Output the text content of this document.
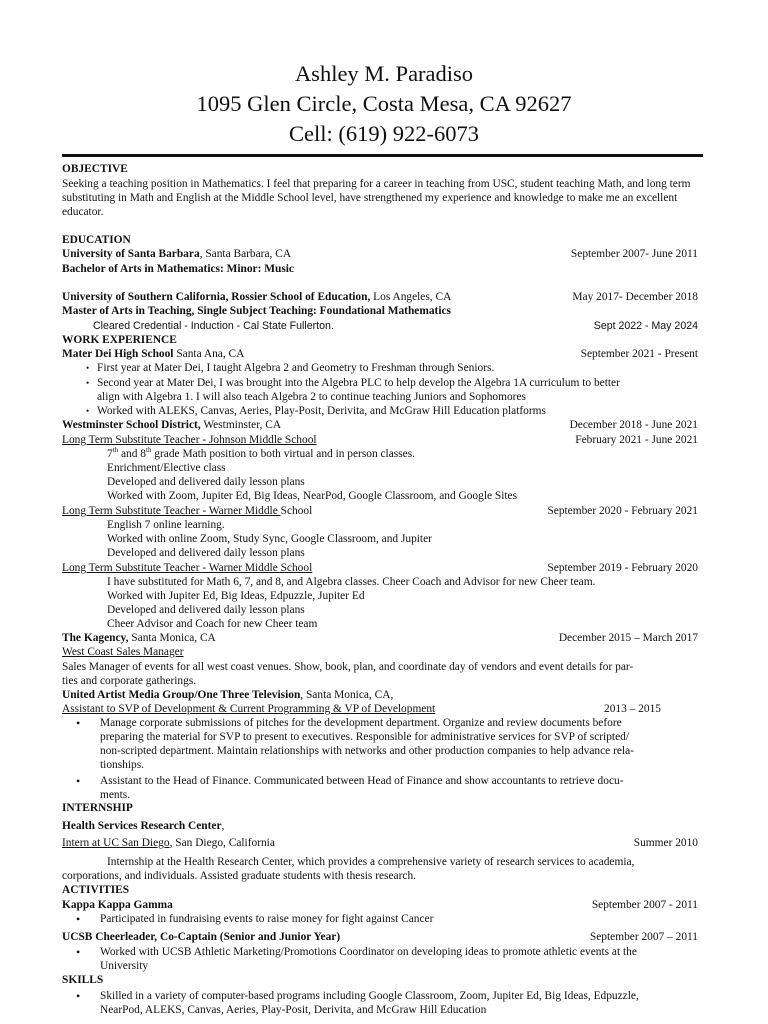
Ashley M. Paradiso
1095 Glen Circle, Costa Mesa, CA 92627
Cell: (619) 922-6073
OBJECTIVE
Seeking a teaching position in Mathematics. I feel that preparing for a career in teaching from USC, student teaching Math, and long term substituting in Math and English at the Middle School level, have strengthened my experience and knowledge to make me an excellent educator.
EDUCATION
University of Santa Barbara, Santa Barbara, CA	September 2007- June 2011
Bachelor of Arts in Mathematics: Minor: Music
University of Southern California, Rossier School of Education, Los Angeles, CA	May 2017- December 2018
Master of Arts in Teaching, Single Subject Teaching: Foundational Mathematics
Cleared Credential - Induction - Cal State Fullerton.	Sept 2022 - May 2024
WORK EXPERIENCE
Mater Dei High School Santa Ana, CA	September 2021 - Present
• First year at Mater Dei, I taught Algebra 2 and Geometry to Freshman through Seniors.
• Second year at Mater Dei, I was brought into the Algebra PLC to help develop the Algebra 1A curriculum to better
align with Algebra 1. I will also teach Algebra 2 to continue teaching Juniors and Sophomores
• Worked with ALEKS, Canvas, Aeries, Play-Posit, Derivita, and McGraw Hill Education platforms
Westminster School District, Westminster, CA	December 2018 - June 2021
Long Term Substitute Teacher - Johnson Middle School	February 2021 - June 2021
7th and 8th grade Math position to both virtual and in person classes.
Enrichment/Elective class
Developed and delivered daily lesson plans
Worked with Zoom, Jupiter Ed, Big Ideas, NearPod, Google Classroom, and Google Sites
Long Term Substitute Teacher - Warner Middle School	September 2020 - February 2021
English 7 online learning.
Worked with online Zoom, Study Sync, Google Classroom, and Jupiter
Developed and delivered daily lesson plans
Long Term Substitute Teacher - Warner Middle School	September 2019 - February 2020
I have substituted for Math 6, 7, and 8, and Algebra classes. Cheer Coach and Advisor for new Cheer team.
Worked with Jupiter Ed, Big Ideas, Edpuzzle, Jupiter Ed
Developed and delivered daily lesson plans
Cheer Advisor and Coach for new Cheer team
The Kagency, Santa Monica, CA	December 2015 – March 2017
West Coast Sales Manager
Sales Manager of events for all west coast venues. Show, book, plan, and coordinate day of vendors and event details for par-
ties and corporate gatherings.
United Artist Media Group/One Three Television, Santa Monica, CA,
Assistant to SVP of Development & Current Programming & VP of Development	2013 – 2015
• Manage corporate submissions of pitches for the development department. Organize and review documents before
preparing the material for SVP to present to executives. Responsible for administrative services for SVP of scripted/
non-scripted department. Maintain relationships with networks and other production companies to help advance rela-
tionships.
• Assistant to the Head of Finance. Communicated between Head of Finance and show accountants to retrieve docu-
ments.
INTERNSHIP
Health Services Research Center,
Intern at UC San Diego, San Diego, California	Summer 2010
Internship at the Health Research Center, which provides a comprehensive variety of research services to academia,
corporations, and individuals. Assisted graduate students with thesis research.
ACTIVITIES
Kappa Kappa Gamma	September 2007 - 2011
• Participated in fundraising events to raise money for fight against Cancer
UCSB Cheerleader, Co-Captain (Senior and Junior Year)	September 2007 – 2011
• Worked with UCSB Athletic Marketing/Promotions Coordinator on developing ideas to promote athletic events at the
University
SKILLS
• Skilled in a variety of computer-based programs including Google Classroom, Zoom, Jupiter Ed, Big Ideas, Edpuzzle,
NearPod, ALEKS, Canvas, Aeries, Play-Posit, Derivita, and McGraw Hill Education
